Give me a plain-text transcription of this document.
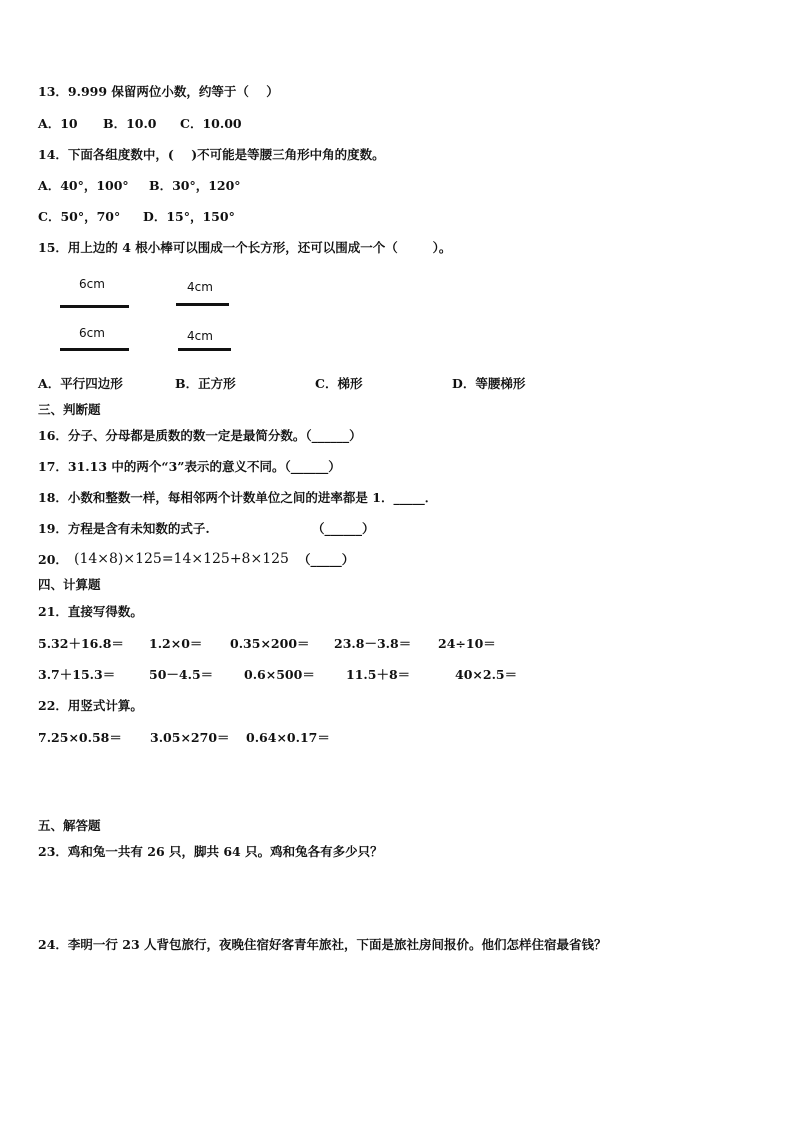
13．9.999 保留两位小数，约等于（    ）
A．10 B．10.0 C．10.00
14．下面各组度数中，(    )不可能是等腰三角形中角的度数。
A．40°，100° B．30°，120°
C．50°，70° D．15°，150°
15．用上边的 4 根小棒可以围成一个长方形，还可以围成一个（        ）。
6cm	4cm
6cm	4cm
A．平行四边形	B．正方形	C．梯形	D．等腰梯形
三、判断题
16．分子、分母都是质数的数一定是最简分数。（______）
17．31.13 中的两个“3”表示的意义不同。（______）
18．小数和整数一样，每相邻两个计数单位之间的进率都是 1．_____．
19．方程是含有未知数的式子.	（______）
20． (14×8)×125=14×125+8×125 （_____）
四、计算题
21．直接写得数。
5.32＋16.8＝ 1.2×0＝ 0.35×200＝ 23.8－3.8＝ 24÷10＝
3.7＋15.3＝	50－4.5＝ 0.6×500＝ 11.5＋8＝	40×2.5＝
22．用竖式计算。
7.25×0.58＝ 3.05×270＝ 0.64×0.17＝
五、解答题
23．鸡和兔一共有 26 只，脚共 64 只。鸡和兔各有多少只？
24．李明一行 23 人背包旅行，夜晚住宿好客青年旅社，下面是旅社房间报价。他们怎样住宿最省钱？
